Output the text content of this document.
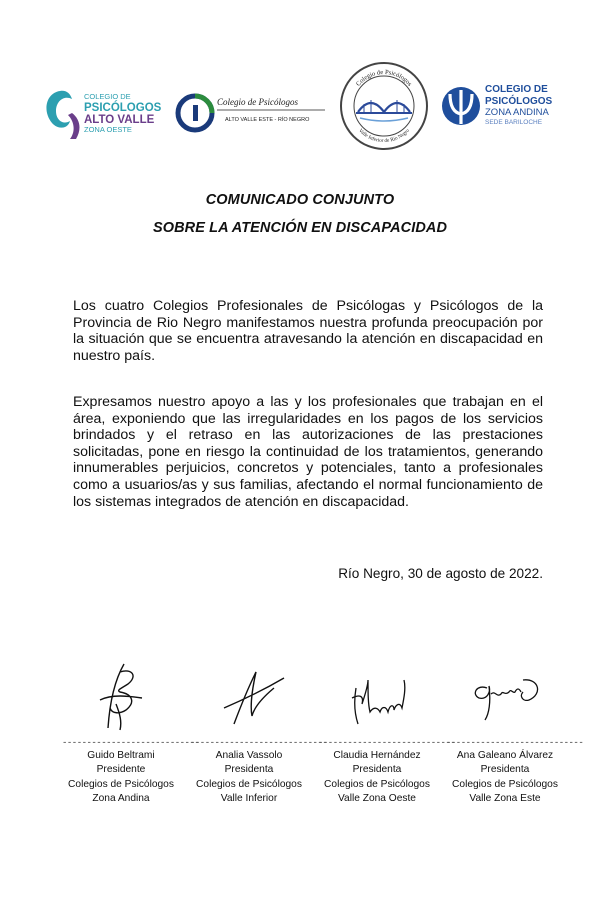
COLEGIO DE
PSICÓLOGOS
ALTO VALLE
ZONA OESTE
Colegio de Psicólogos
ALTO VALLE ESTE - RÍO NEGRO
Colegio de Psicólogos
Valle Inferior de Río Negro
COLEGIO DE
PSICÓLOGOS
ZONA ANDINA
SEDE BARILOCHE
COMUNICADO CONJUNTO
SOBRE LA ATENCIÓN EN DISCAPACIDAD
Los cuatro Colegios Profesionales de Psicólogas y Psicólogos de la Provincia de Rio Negro manifestamos nuestra profunda preocupación por la situación que se encuentra atravesando la atención en discapacidad en nuestro país.
Expresamos nuestro apoyo a las y los profesionales que trabajan en el área, exponiendo que las irregularidades en los pagos de los servicios brindados y el retraso en las autorizaciones de las prestaciones solicitadas, pone en riesgo la continuidad de los tratamientos, generando innumerables perjuicios, concretos y potenciales, tanto a profesionales como a usuarios/as y sus familias, afectando el normal funcionamiento de los sistemas integrados de atención en discapacidad.
Río Negro, 30 de agosto de 2022.
----------------------------
Guido Beltrami
Presidente
Colegios de Psicólogos
Zona Andina
----------------------------
Analia Vassolo
Presidenta
Colegios de Psicólogos
Valle Inferior
----------------------------
Claudia Hernández
Presidenta
Colegios de Psicólogos
Valle Zona Oeste
----------------------------
Ana Galeano Álvarez
Presidenta
Colegios de Psicólogos
Valle Zona Este
